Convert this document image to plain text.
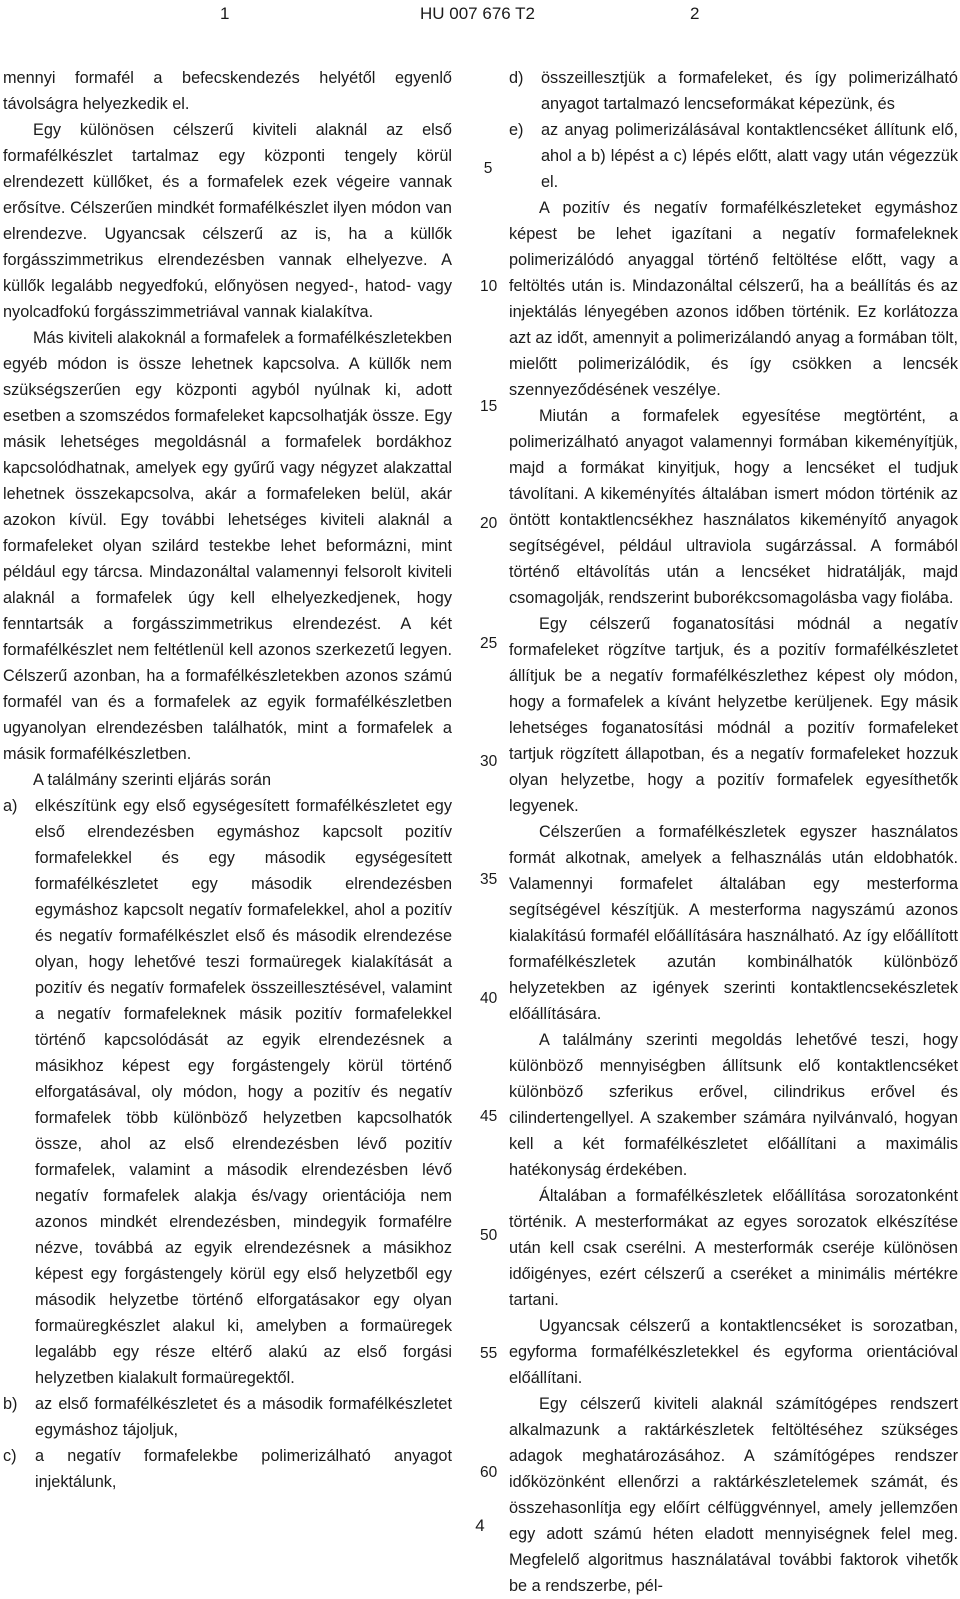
1	HU 007 676 T2	2

mennyi formafél a befecskendezés helyétől egyenlő távolságra helyezkedik el.

Egy különösen célszerű kiviteli alaknál az első formafélkészlet tartalmaz egy központi tengely körül elrendezett küllőket, és a formafelek ezek végeire vannak erősítve. Célszerűen mindkét formafélkészlet ilyen módon van elrendezve. Ugyancsak célszerű az is, ha a küllők forgásszimmetrikus elrendezésben vannak elhelyezve. A küllők legalább negyedfokú, előnyösen negyed-, hatod- vagy nyolcadfokú forgásszimmetriával vannak kialakítva.

Más kiviteli alakoknál a formafelek a formafélkészletekben egyéb módon is össze lehetnek kapcsolva. A küllők nem szükségszerűen egy központi agyból nyúlnak ki, adott esetben a szomszédos formafeleket kapcsolhatják össze. Egy másik lehetséges megoldásnál a formafelek bordákhoz kapcsolódhatnak, amelyek egy gyűrű vagy négyzet alakzattal lehetnek összekapcsolva, akár a formafeleken belül, akár azokon kívül. Egy további lehetséges kiviteli alaknál a formafeleket olyan szilárd testekbe lehet beformázni, mint például egy tárcsa. Mindazonáltal valamennyi felsorolt kiviteli alaknál a formafelek úgy kell elhelyezkedjenek, hogy fenntartsák a forgásszimmetrikus elrendezést. A két formafélkészlet nem feltétlenül kell azonos szerkezetű legyen. Célszerű azonban, ha a formafélkészletekben azonos számú formafél van és a formafelek az egyik formafélkészletben ugyanolyan elrendezésben találhatók, mint a formafelek a másik formafélkészletben.

A találmány szerinti eljárás során

a) elkészítünk egy első egységesített formafélkészletet egy első elrendezésben egymáshoz kapcsolt pozitív formafelekkel és egy második egységesített formafélkészletet egy második elrendezésben egymáshoz kapcsolt negatív formafelekkel, ahol a pozitív és negatív formafélkészlet első és második elrendezése olyan, hogy lehetővé teszi formaüregek kialakítását a pozitív és negatív formafelek összeillesztésével, valamint a negatív formafeleknek másik pozitív formafelekkel történő kapcsolódását az egyik elrendezésnek a másikhoz képest egy forgástengely körül történő elforgatásával, oly módon, hogy a pozitív és negatív formafelek több különböző helyzetben kapcsolhatók össze, ahol az első elrendezésben lévő pozitív formafelek, valamint a második elrendezésben lévő negatív formafelek alakja és/vagy orientációja nem azonos mindkét elrendezésben, mindegyik formafélre nézve, továbbá az egyik elrendezésnek a másikhoz képest egy forgástengely körül egy első helyzetből egy második helyzetbe történő elforgatásakor egy olyan formaüregkészlet alakul ki, amelyben a formaüregek legalább egy része eltérő alakú az első forgási helyzetben kialakult formaüregektől.

b) az első formafélkészletet és a második formafélkészletet egymáshoz tájoljuk,

c) a negatív formafelekbe polimerizálható anyagot injektálunk,

5
10
15
20
25
30
35
40
45
50
55
60

d) összeillesztjük a formafeleket, és így polimerizálható anyagot tartalmazó lencseformákat képezünk, és

e) az anyag polimerizálásával kontaktlencséket állítunk elő, ahol a b) lépést a c) lépés előtt, alatt vagy után végezzük el.

A pozitív és negatív formafélkészleteket egymáshoz képest be lehet igazítani a negatív formafeleknek polimerizálódó anyaggal történő feltöltése előtt, vagy a feltöltés után is. Mindazonáltal célszerű, ha a beállítás és az injektálás lényegében azonos időben történik. Ez korlátozza azt az időt, amennyit a polimerizálandó anyag a formában tölt, mielőtt polimerizálódik, és így csökken a lencsék szennyeződésének veszélye.

Miután a formafelek egyesítése megtörtént, a polimerizálható anyagot valamennyi formában kikeményítjük, majd a formákat kinyitjuk, hogy a lencséket el tudjuk távolítani. A kikeményítés általában ismert módon történik az öntött kontaktlencsékhez használatos kikeményítő anyagok segítségével, például ultraviola sugárzással. A formából történő eltávolítás után a lencséket hidratálják, majd csomagolják, rendszerint buborékcsomagolásba vagy fiolába.

Egy célszerű foganatosítási módnál a negatív formafeleket rögzítve tartjuk, és a pozitív formafélkészletet állítjuk be a negatív formafélkészlethez képest oly módon, hogy a formafelek a kívánt helyzetbe kerüljenek. Egy másik lehetséges foganatosítási módnál a pozitív formafeleket tartjuk rögzített állapotban, és a negatív formafeleket hozzuk olyan helyzetbe, hogy a pozitív formafelek egyesíthetők legyenek.

Célszerűen a formafélkészletek egyszer használatos formát alkotnak, amelyek a felhasználás után eldobhatók. Valamennyi formafelet általában egy mesterforma segítségével készítjük. A mesterforma nagyszámú azonos kialakítású formafél előállítására használható. Az így előállított formafélkészletek azután kombinálhatók különböző helyzetekben az igények szerinti kontaktlencsekészletek előállítására.

A találmány szerinti megoldás lehetővé teszi, hogy különböző mennyiségben állítsunk elő kontaktlencséket különböző szferikus erővel, cilindrikus erővel és cilindertengellyel. A szakember számára nyilvánvaló, hogyan kell a két formafélkészletet előállítani a maximális hatékonyság érdekében.

Általában a formafélkészletek előállítása sorozatonként történik. A mesterformákat az egyes sorozatok elkészítése után kell csak cserélni. A mesterformák cseréje különösen időigényes, ezért célszerű a cseréket a minimális mértékre tartani.

Ugyancsak célszerű a kontaktlencséket is sorozatban, egyforma formafélkészletekkel és egyforma orientációval előállítani.

Egy célszerű kiviteli alaknál számítógépes rendszert alkalmazunk a raktárkészletek feltöltéséhez szükséges adagok meghatározásához. A számítógépes rendszer időközönként ellenőrzi a raktárkészletelemek számát, és összehasonlítja egy előírt célfüggvénnyel, amely jellemzően egy adott számú héten eladott mennyiségnek felel meg. Megfelelő algoritmus használatával további faktorok vihetők be a rendszerbe, pél-

4
